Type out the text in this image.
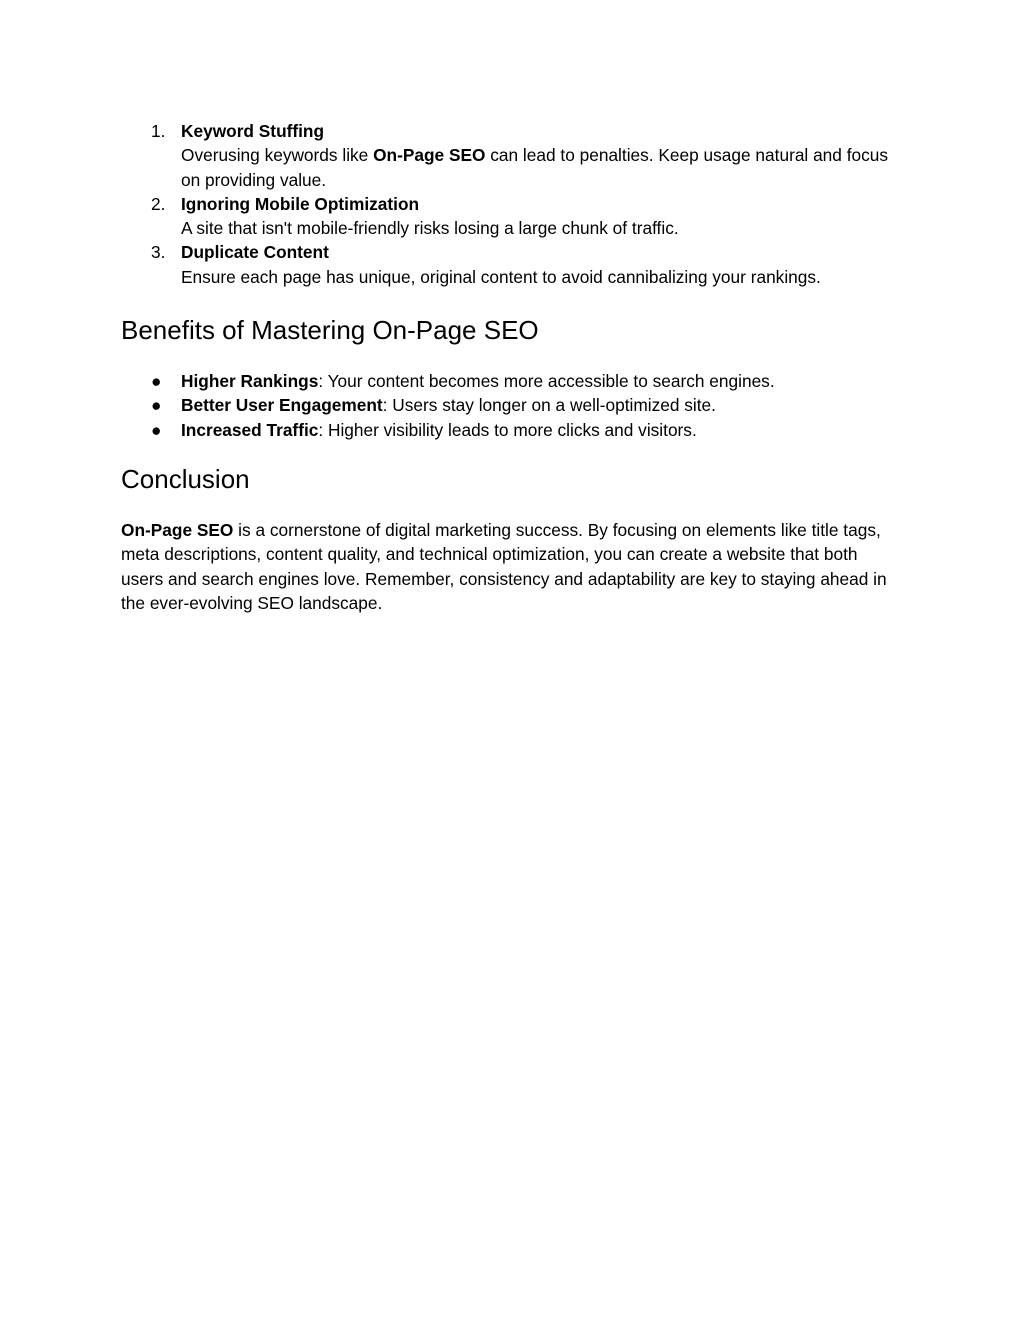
1. Keyword Stuffing
Overusing keywords like On-Page SEO can lead to penalties. Keep usage natural and focus on providing value.
2. Ignoring Mobile Optimization
A site that isn't mobile-friendly risks losing a large chunk of traffic.
3. Duplicate Content
Ensure each page has unique, original content to avoid cannibalizing your rankings.
Benefits of Mastering On-Page SEO
● Higher Rankings: Your content becomes more accessible to search engines.
● Better User Engagement: Users stay longer on a well-optimized site.
● Increased Traffic: Higher visibility leads to more clicks and visitors.
Conclusion

On-Page SEO is a cornerstone of digital marketing success. By focusing on elements like title tags, meta descriptions, content quality, and technical optimization, you can create a website that both users and search engines love. Remember, consistency and adaptability are key to staying ahead in the ever-evolving SEO landscape.
